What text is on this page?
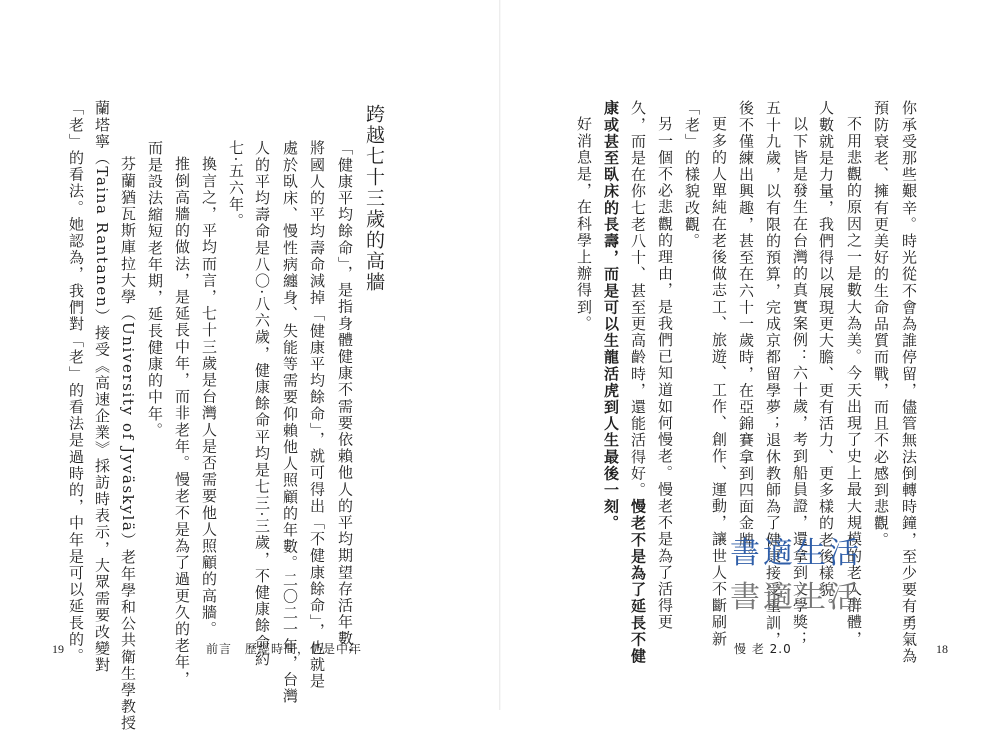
跨越七十三歲的高牆
「健康平均餘命」，是指身體健康不需要依賴他人的平均期望存活年數，
將國人的平均壽命減掉「健康平均餘命」，就可得出「不健康餘命」，也就是
處於臥床、慢性病纏身、失能等需要仰賴他人照顧的年數。二〇二一年，台灣
人的平均壽命是八〇·八六歲，健康餘命平均是七三·三歲，不健康餘命約
七·五六年。
換言之，平均而言，七十三歲是台灣人是否需要他人照顧的高牆。
推倒高牆的做法，是延長中年，而非老年。慢老不是為了過更久的老年，
而是設法縮短老年期，延長健康的中年。
芬蘭猶瓦斯庫拉大學（University of Jyväskylä）老年學和公共衛生學教授
蘭塔寧（Taina Rantanen）接受《高速企業》採訪時表示，大眾需要改變對
「老」的看法。她認為，我們對「老」的看法是過時的，中年是可以延長的。
19	前言　歷經時間，仍是中年	你承受那些艱辛。時光從不會為誰停留，儘管無法倒轉時鐘，至少要有勇氣為
預防衰老、擁有更美好的生命品質而戰，而且不必感到悲觀。
不用悲觀的原因之一是數大為美。今天出現了史上最大規模的老人群體，
人數就是力量，我們得以展現更大膽、更有活力、更多樣的老後樣貌。
以下皆是發生在台灣的真實案例：六十歲，考到船員證，還拿到文學獎；
五十九歲，以有限的預算，完成京都留學夢；退休教師為了健康接受重訓，
後不僅練出興趣，甚至在六十一歲時，在亞錦賽拿到四面金牌。
更多的人單純在老後做志工、旅遊、工作、創作、運動，讓世人不斷刷新
「老」的樣貌改觀。
另一個不必悲觀的理由，是我們已知道如何慢老。慢老不是為了活得更
久，而是在你七老八十、甚至更高齡時，還能活得好。慢老不是為了延長不健
康或甚至臥床的長壽，而是可以生龍活虎到人生最後一刻。
好消息是，在科學上辦得到。
慢 老 2.0	18
書適生活
書適生活
